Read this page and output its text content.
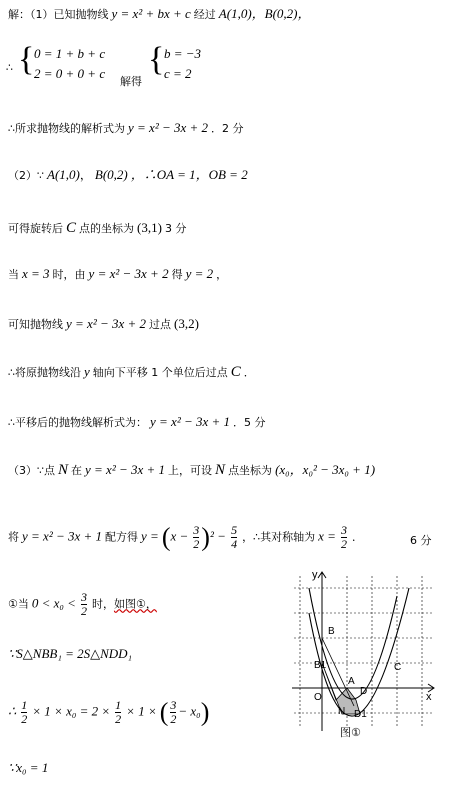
解：（1）已知抛物线 y = x² + bx + c 经过 A(1,0)，B(0,2)，
∴ { 0 = 1 + b + c
2 = 0 + 0 + c
解得
{ b = −3
c = 2
∴所求抛物线的解析式为 y = x² − 3x + 2 ．2 分
（2）∵ A(1,0)， B(0,2) ，∴OA = 1，OB = 2
可得旋转后 C 点的坐标为 (3,1) 3 分
当 x = 3 时，由 y = x² − 3x + 2 得 y = 2 ，
可知抛物线 y = x² − 3x + 2 过点 (3,2)
∴将原抛物线沿 y 轴向下平移 1 个单位后过点 C ．
∴平移后的抛物线解析式为： y = x² − 3x + 1 ．5 分
（3）∵点 N 在 y = x² − 3x + 1 上，可设 N 点坐标为 (x₀，x₀² − 3x₀ + 1)
将 y = x² − 3x + 1 配方得 $y = (x - \frac{3}{2} )^2 - \frac{5}{4}$ ，∴其对称轴为 $x = \frac{3}{2}$ ．	6 分
①当 $0 < x_0 < \frac{3}{2}$ 时，如图①，
∵S△NBB₁ = 2S△NDD₁
∴ $\frac{1}{2} \times 1 \times x_0 = 2 \times \frac{1}{2} \times 1$ × ( $\frac{3}{2} - x_0$)
∵x₀ = 1
y
x
O
B
B1
A
C
D
N D1
图①
